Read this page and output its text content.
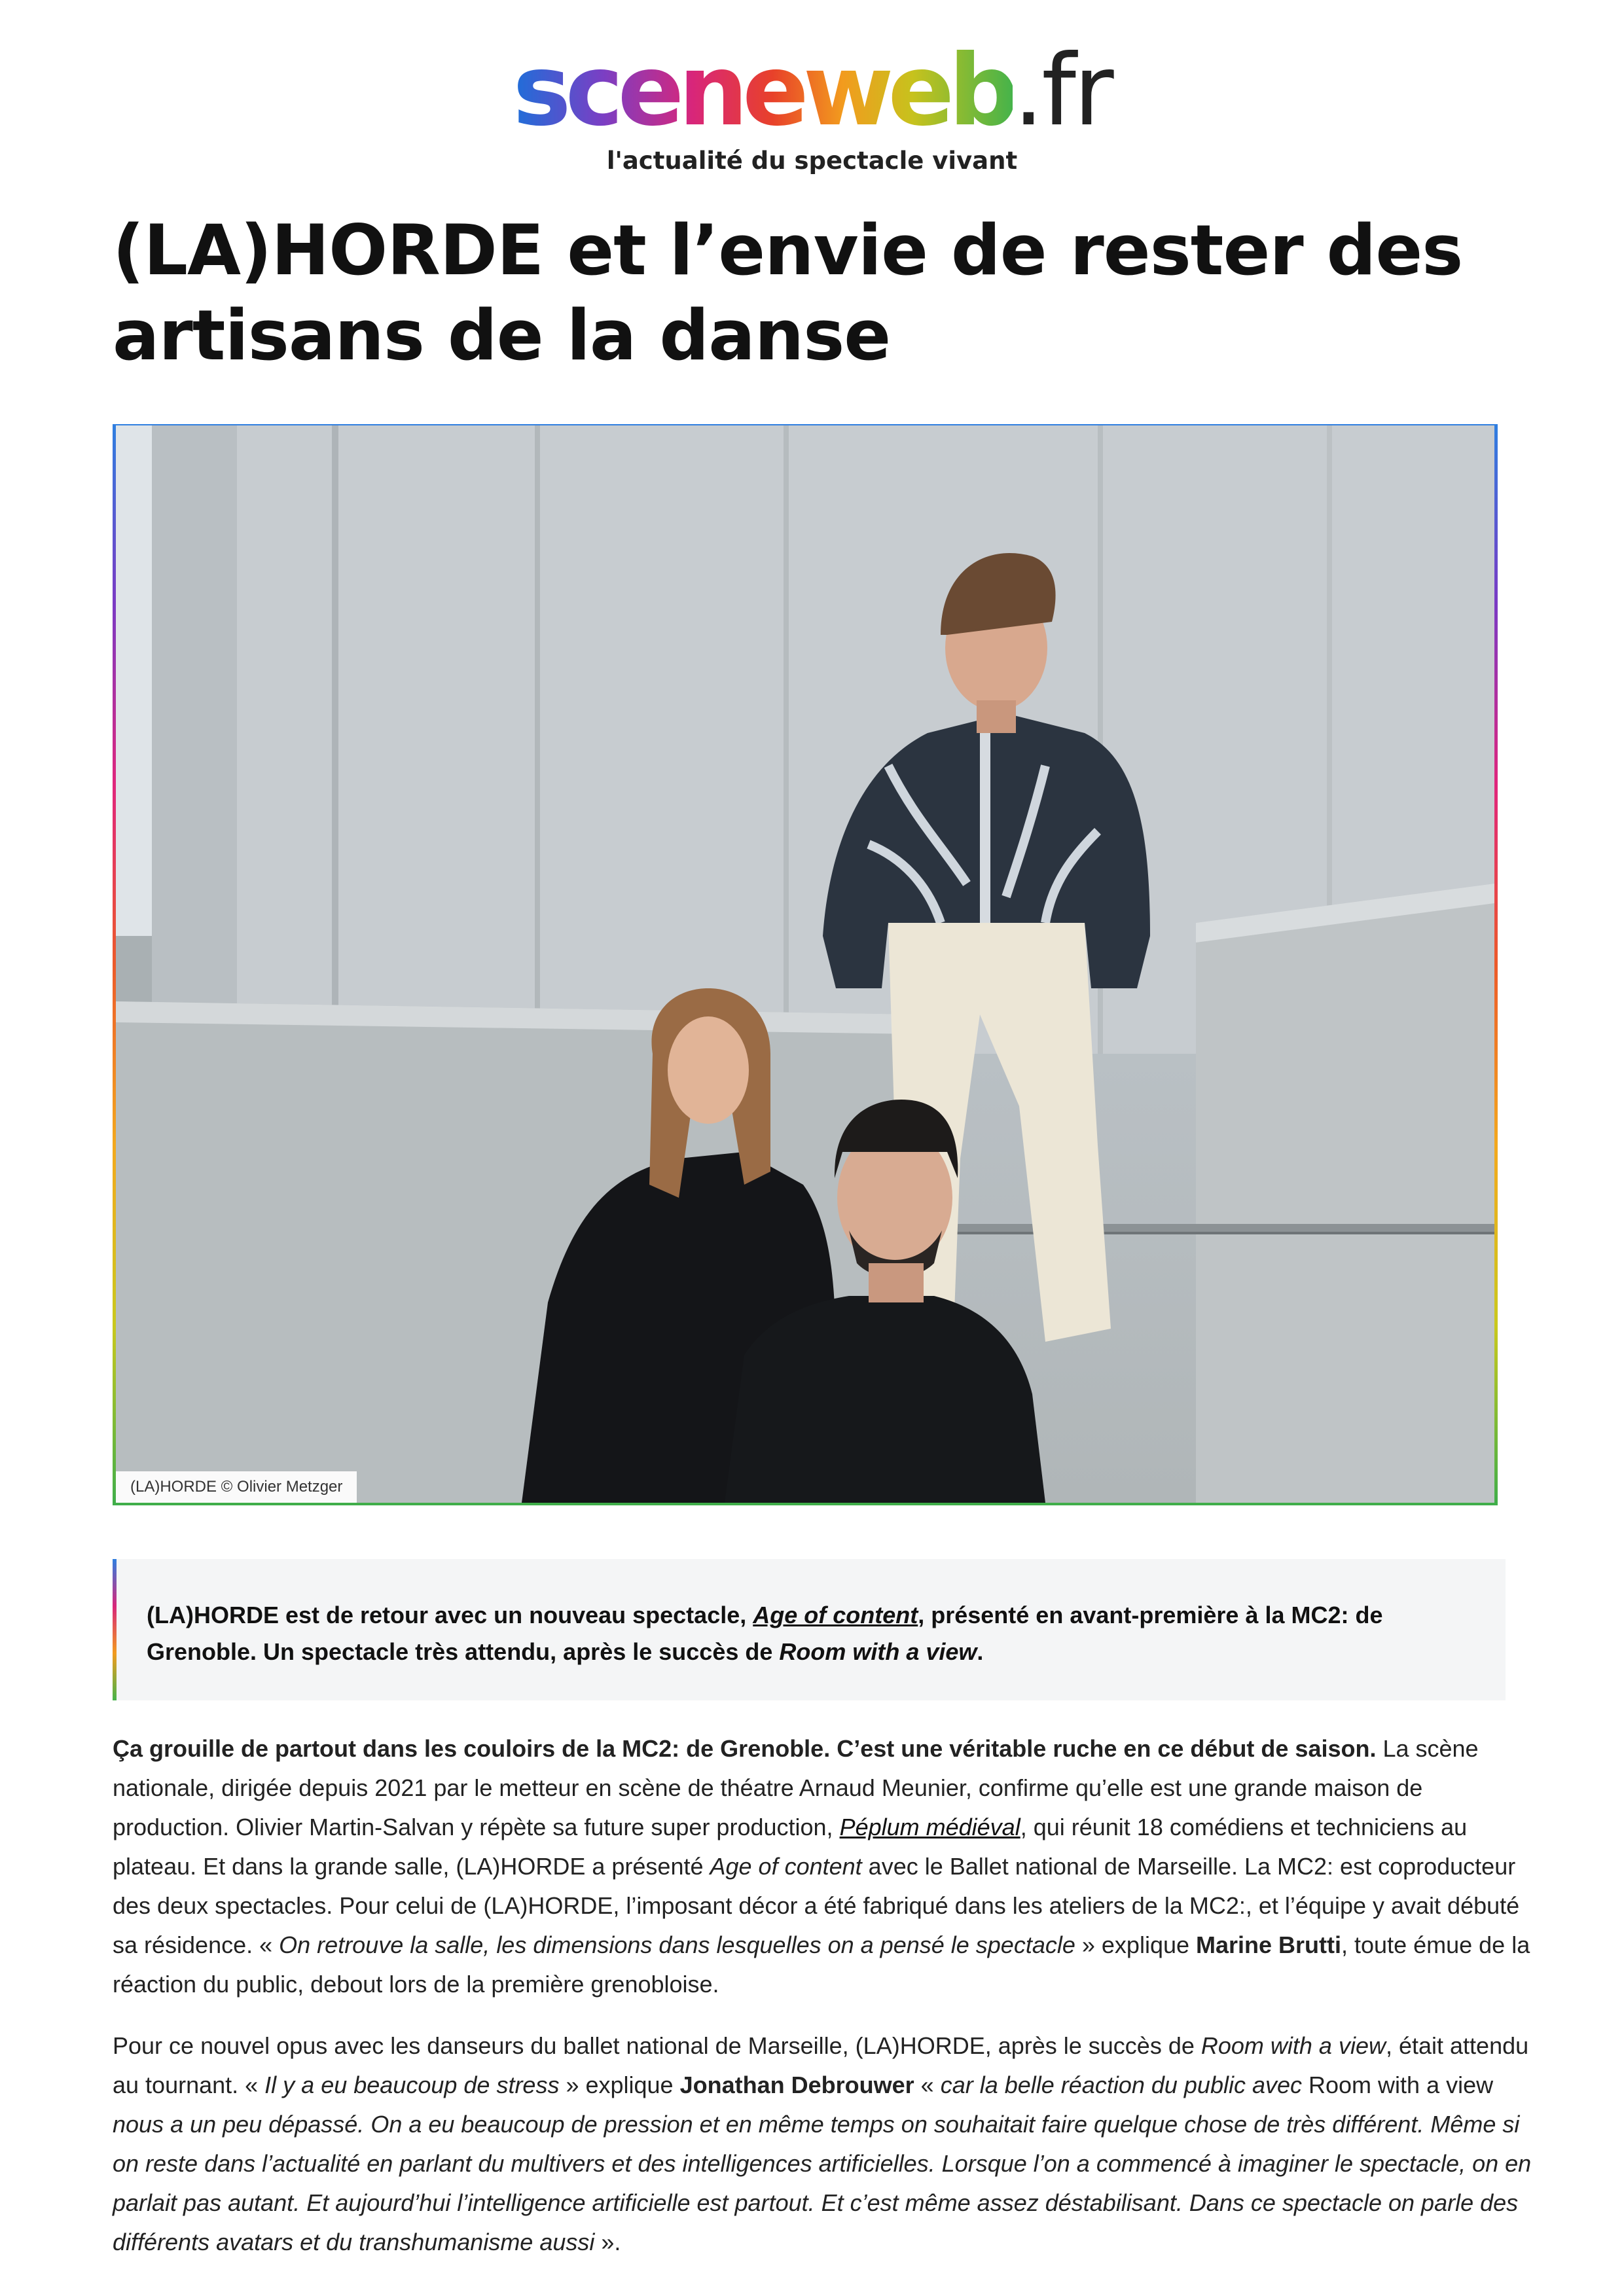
sceneweb.fr
l'actualité du spectacle vivant
(LA)HORDE et l’envie de rester des artisans de la danse
(LA)HORDE © Olivier Metzger
(LA)HORDE est de retour avec un nouveau spectacle, Age of content, présenté en avant-première à la MC2: de Grenoble. Un spectacle très attendu, après le succès de Room with a view.

Ça grouille de partout dans les couloirs de la MC2: de Grenoble. C’est une véritable ruche en ce début de saison. La scène nationale, dirigée depuis 2021 par le metteur en scène de théatre Arnaud Meunier, confirme qu’elle est une grande maison de production. Olivier Martin-Salvan y répète sa future super production, Péplum médiéval, qui réunit 18 comédiens et techniciens au plateau. Et dans la grande salle, (LA)HORDE a présenté Age of content avec le Ballet national de Marseille. La MC2: est coproducteur des deux spectacles. Pour celui de (LA)HORDE, l’imposant décor a été fabriqué dans les ateliers de la MC2:, et l’équipe y avait débuté sa résidence. « On retrouve la salle, les dimensions dans lesquelles on a pensé le spectacle » explique Marine Brutti, toute émue de la réaction du public, debout lors de la première grenobloise.

Pour ce nouvel opus avec les danseurs du ballet national de Marseille, (LA)HORDE, après le succès de Room with a view, était attendu au tournant. « Il y a eu beaucoup de stress » explique Jonathan Debrouwer « car la belle réaction du public avec Room with a view nous a un peu dépassé. On a eu beaucoup de pression et en même temps on souhaitait faire quelque chose de très différent. Même si on reste dans l’actualité en parlant du multivers et des intelligences artificielles. Lorsque l’on a commencé à imaginer le spectacle, on en parlait pas autant. Et aujourd’hui l’intelligence artificielle est partout. Et c’est même assez déstabilisant. Dans ce spectacle on parle des différents avatars et du transhumanisme aussi ».
